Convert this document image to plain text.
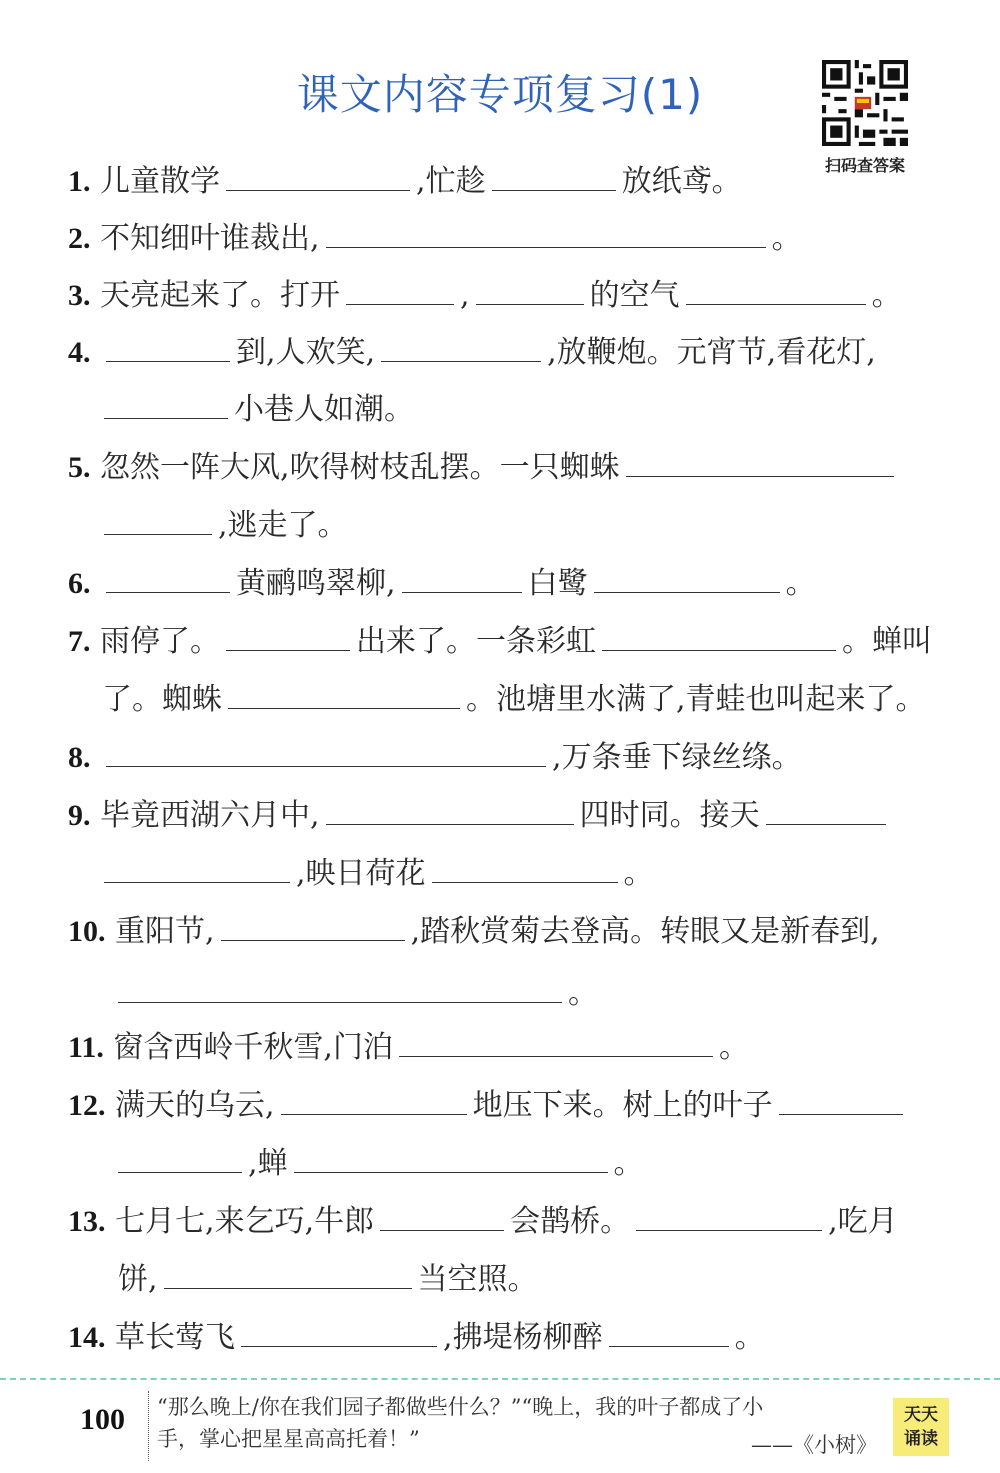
课文内容专项复习(1)
扫码查答案
1. 儿童散学	,忙趁	放纸鸢。
2. 不知细叶谁裁出,	。
3. 天亮起来了。打开	,	的空气	。
4.	到,人欢笑,	,放鞭炮。元宵节,看花灯,
小巷人如潮。
5. 忽然一阵大风,吹得树枝乱摆。一只蜘蛛
,逃走了。
6.	黄鹂鸣翠柳,	白鹭	。
7. 雨停了。	出来了。一条彩虹	。蝉叫
了。蜘蛛	。池塘里水满了,青蛙也叫起来了。
8.	,万条垂下绿丝绦。
9. 毕竟西湖六月中,	四时同。接天
,映日荷花	。
10. 重阳节,	,踏秋赏菊去登高。转眼又是新春到,
。
11. 窗含西岭千秋雪,门泊	。
12. 满天的乌云,	地压下来。树上的叶子
,蝉	。
13. 七月七,来乞巧,牛郎	会鹊桥。	,吃月
饼,	当空照。
14. 草长莺飞	,拂堤杨柳醉	。
100 “那么晚上/你在我们园子都做些什么？”“晚上，我的叶子都成了小
手，掌心把星星高高托着！”	——《小树》
天天
诵读
